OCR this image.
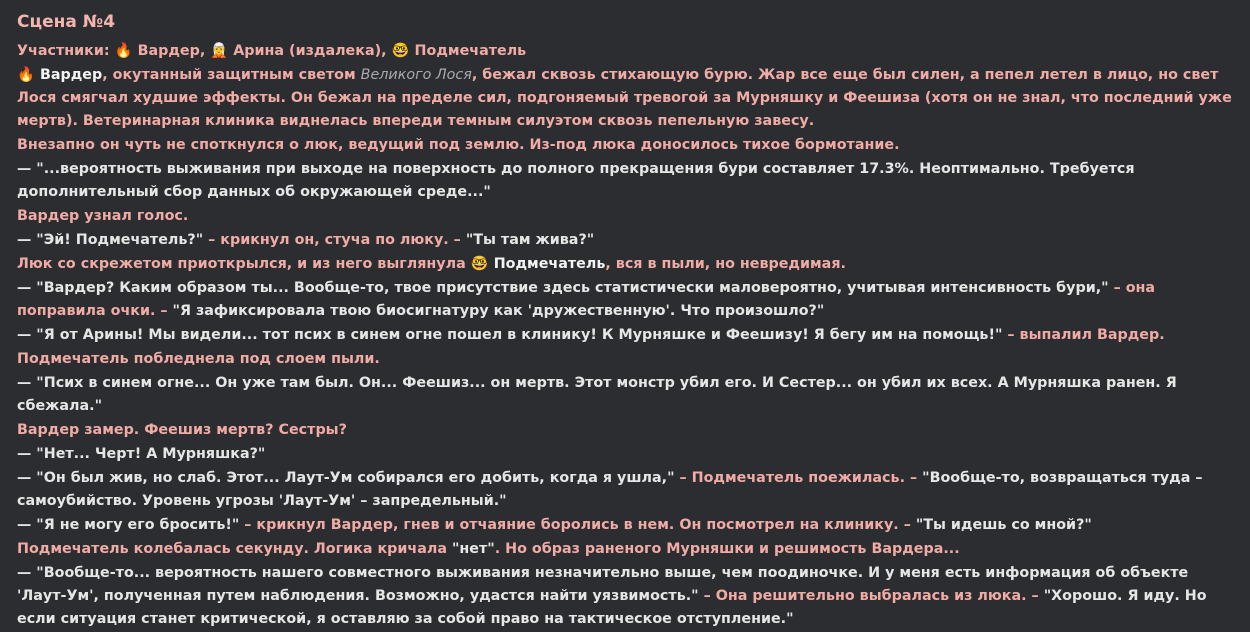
Сцена №4
Участники: 🔥 Вардер, 🧝 Арина (издалека), 🤓 Подмечатель
🔥 Вардер, окутанный защитным светом Великого Лося, бежал сквозь стихающую бурю. Жар все еще был силен, а пепел летел в лицо, но свет Лося смягчал худшие эффекты. Он бежал на пределе сил, подгоняемый тревогой за Мурняшку и Феешиза (хотя он не знал, что последний уже мертв). Ветеринарная клиника виднелась впереди темным силуэтом сквозь пепельную завесу.
Внезапно он чуть не споткнулся о люк, ведущий под землю. Из-под люка доносилось тихое бормотание.
— "...вероятность выживания при выходе на поверхность до полного прекращения бури составляет 17.3%. Неоптимально. Требуется дополнительный сбор данных об окружающей среде..."
Вардер узнал голос.
— "Эй! Подмечатель?" – крикнул он, стуча по люку. – "Ты там жива?"
Люк со скрежетом приоткрылся, и из него выглянула 🤓 Подмечатель, вся в пыли, но невредимая.
— "Вардер? Каким образом ты... Вообще-то, твое присутствие здесь статистически маловероятно, учитывая интенсивность бури," – она поправила очки. – "Я зафиксировала твою биосигнатуру как 'дружественную'. Что произошло?"
— "Я от Арины! Мы видели... тот псих в синем огне пошел в клинику! К Мурняшке и Феешизу! Я бегу им на помощь!" – выпалил Вардер.
Подмечатель побледнела под слоем пыли.
— "Псих в синем огне... Он уже там был. Он... Феешиз... он мертв. Этот монстр убил его. И Сестер... он убил их всех. А Мурняшка ранен. Я сбежала."
Вардер замер. Феешиз мертв? Сестры?
— "Нет... Черт! А Мурняшка?"
— "Он был жив, но слаб. Этот... Лаут-Ум собирался его добить, когда я ушла," – Подмечатель поежилась. – "Вообще-то, возвращаться туда – самоубийство. Уровень угрозы 'Лаут-Ум' – запредельный."
— "Я не могу его бросить!" – крикнул Вардер, гнев и отчаяние боролись в нем. Он посмотрел на клинику. – "Ты идешь со мной?"
Подмечатель колебалась секунду. Логика кричала "нет". Но образ раненого Мурняшки и решимость Вардера...
— "Вообще-то... вероятность нашего совместного выживания незначительно выше, чем поодиночке. И у меня есть информация об объекте 'Лаут-Ум', полученная путем наблюдения. Возможно, удастся найти уязвимость." – Она решительно выбралась из люка. – "Хорошо. Я иду. Но если ситуация станет критической, я оставляю за собой право на тактическое отступление."
